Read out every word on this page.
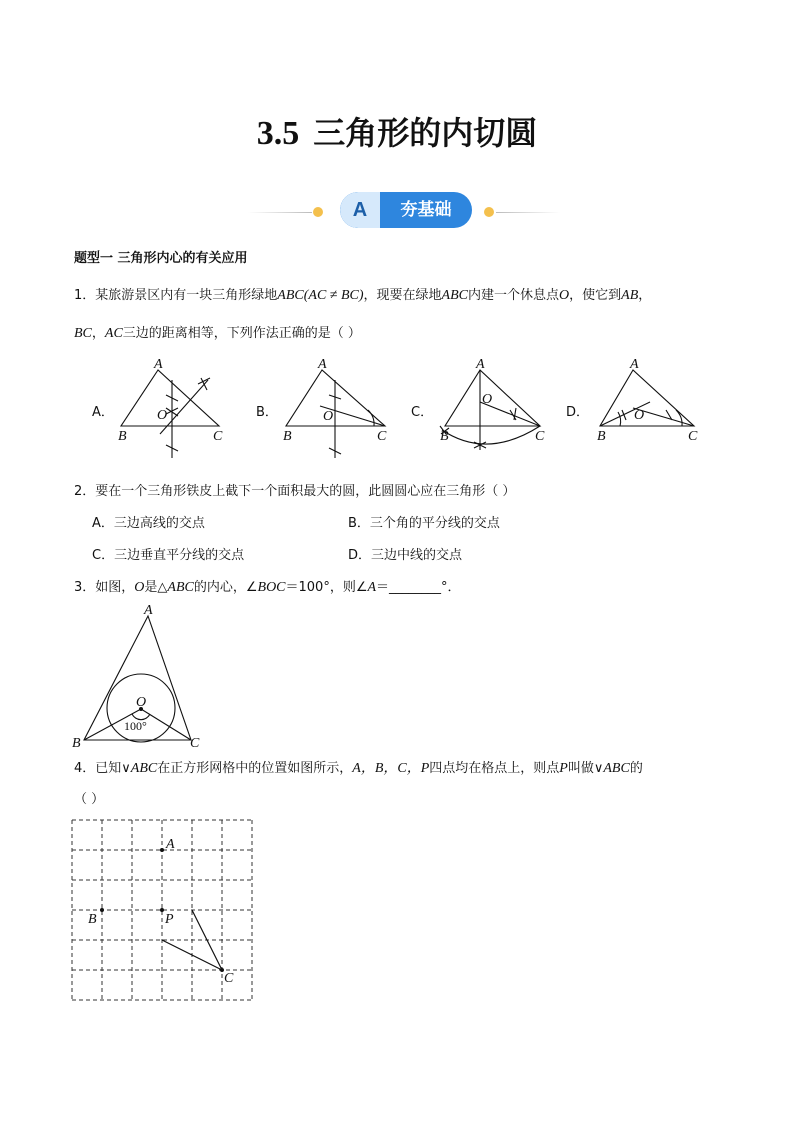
3.5 三角形的内切圆
A	夯基础
题型一 三角形内心的有关应用
1．某旅游景区内有一块三角形绿地ABC(AC ≠ BC)，现要在绿地ABC内建一个休息点O，使它到AB，
BC，AC三边的距离相等，下列作法正确的是（ ）
A．	B．	C．	D．
A
B	C
O
A
B	C
O
A
B	C
O
A
B	C
O
2．要在一个三角形铁皮上截下一个面积最大的圆，此圆圆心应在三角形（ ）
A．三边高线的交点	B．三个角的平分线的交点
C．三边垂直平分线的交点	D．三边中线的交点
3．如图，O是△ABC的内心，∠BOC＝100°，则∠A＝________°．
A
B	C
O
100°
4．已知∨ABC在正方形网格中的位置如图所示，A，B，C，P四点均在格点上，则点P叫做∨ABC的
（ ）
A
B	P
C
